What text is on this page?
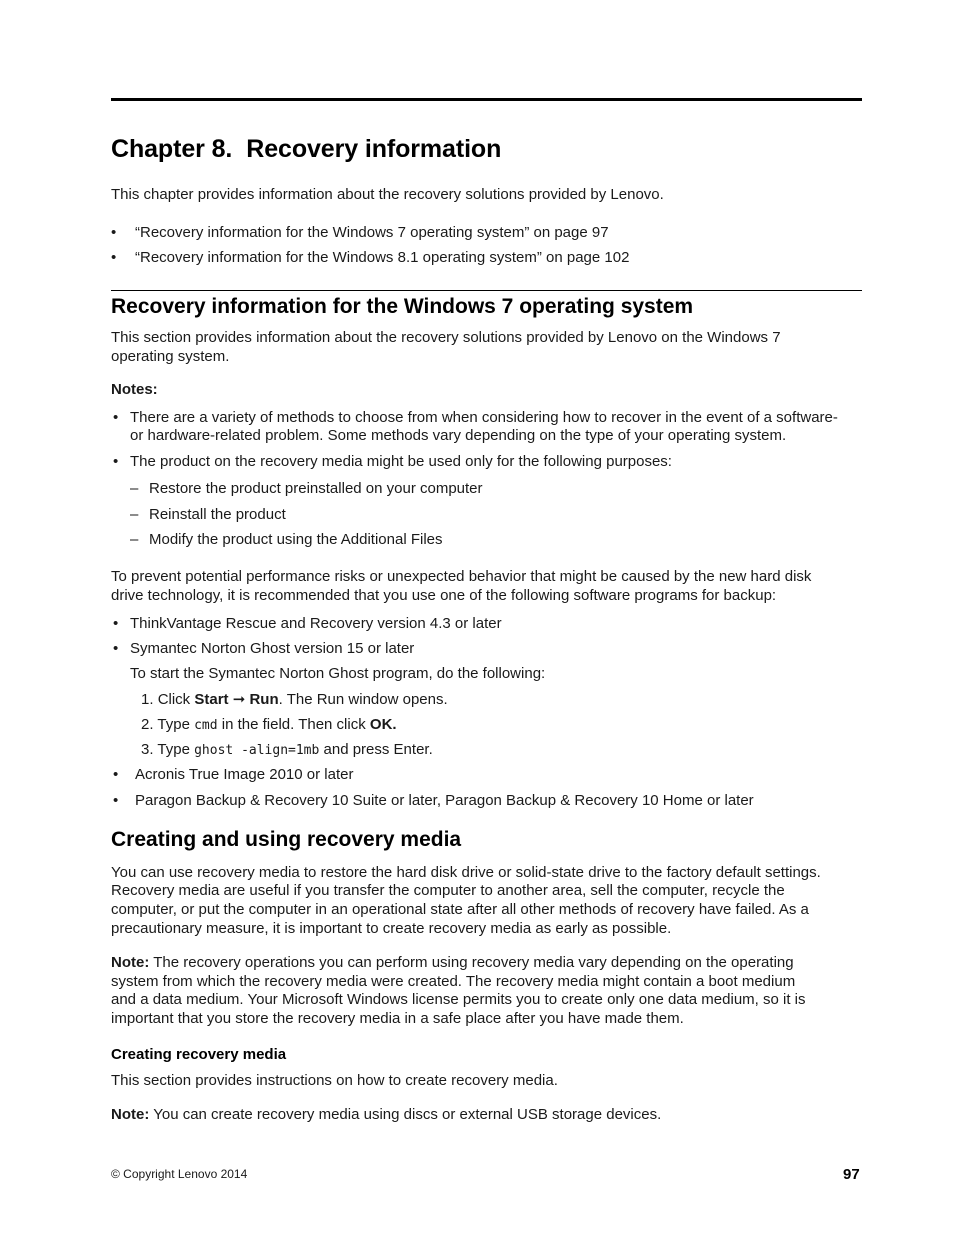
Chapter 8. Recovery information

This chapter provides information about the recovery solutions provided by Lenovo.

• “Recovery information for the Windows 7 operating system” on page 97
• “Recovery information for the Windows 8.1 operating system” on page 102
Recovery information for the Windows 7 operating system

This section provides information about the recovery solutions provided by Lenovo on the Windows 7

operating system.

Notes:

• There are a variety of methods to choose from when considering how to recover in the event of a software-

or hardware-related problem. Some methods vary depending on the type of your operating system.

• The product on the recovery media might be used only for the following purposes:

– Restore the product preinstalled on your computer

– Reinstall the product

– Modify the product using the Additional Files

To prevent potential performance risks or unexpected behavior that might be caused by the new hard disk

drive technology, it is recommended that you use one of the following software programs for backup:

• ThinkVantage Rescue and Recovery version 4.3 or later

• Symantec Norton Ghost version 15 or later

To start the Symantec Norton Ghost program, do the following:

1. Click Start ➞ Run. The Run window opens.

2. Type cmd in the field. Then click OK.

3. Type ghost -align=1mb and press Enter.

• Acronis True Image 2010 or later

• Paragon Backup & Recovery 10 Suite or later, Paragon Backup & Recovery 10 Home or later

Creating and using recovery media

You can use recovery media to restore the hard disk drive or solid-state drive to the factory default settings.

Recovery media are useful if you transfer the computer to another area, sell the computer, recycle the

computer, or put the computer in an operational state after all other methods of recovery have failed. As a

precautionary measure, it is important to create recovery media as early as possible.

Note: The recovery operations you can perform using recovery media vary depending on the operating

system from which the recovery media were created. The recovery media might contain a boot medium

and a data medium. Your Microsoft Windows license permits you to create only one data medium, so it is

important that you store the recovery media in a safe place after you have made them.

Creating recovery media

This section provides instructions on how to create recovery media.

Note: You can create recovery media using discs or external USB storage devices.

© Copyright Lenovo 2014	97
